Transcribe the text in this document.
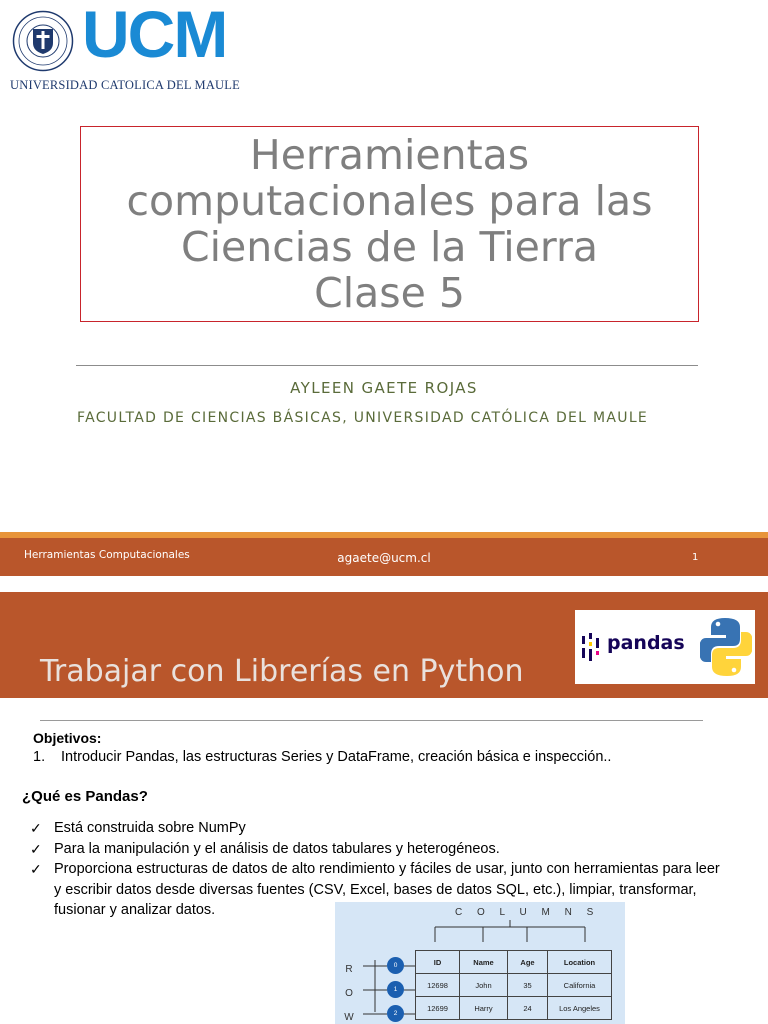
UCM
UNIVERSIDAD CATOLICA DEL MAULE
Herramientas
computacionales para las
Ciencias de la Tierra
Clase 5
AYLEEN GAETE ROJAS
FACULTAD DE CIENCIAS BÁSICAS, UNIVERSIDAD CATÓLICA DEL MAULE
Herramientas Computacionales	agaete@ucm.cl	1
Trabajar con Librerías en Python
pandas
Objetivos:
1. Introducir Pandas, las estructuras Series y DataFrame, creación básica e inspección..
¿Qué es Pandas?
✓ Está construida sobre NumPy
✓ Para la manipulación y el análisis de datos tabulares y heterogéneos.
✓ Proporciona estructuras de datos de alto rendimiento y fáciles de usar, junto con herramientas para leer y escribir datos desde diversas fuentes (CSV, Excel, bases de datos SQL, etc.), limpiar, transformar, fusionar y analizar datos.	C O L U M N S
R
O
W
0
1
2
ID	Name	Age	Location
12698	John	35	California
12699	Harry	24	Los Angeles
